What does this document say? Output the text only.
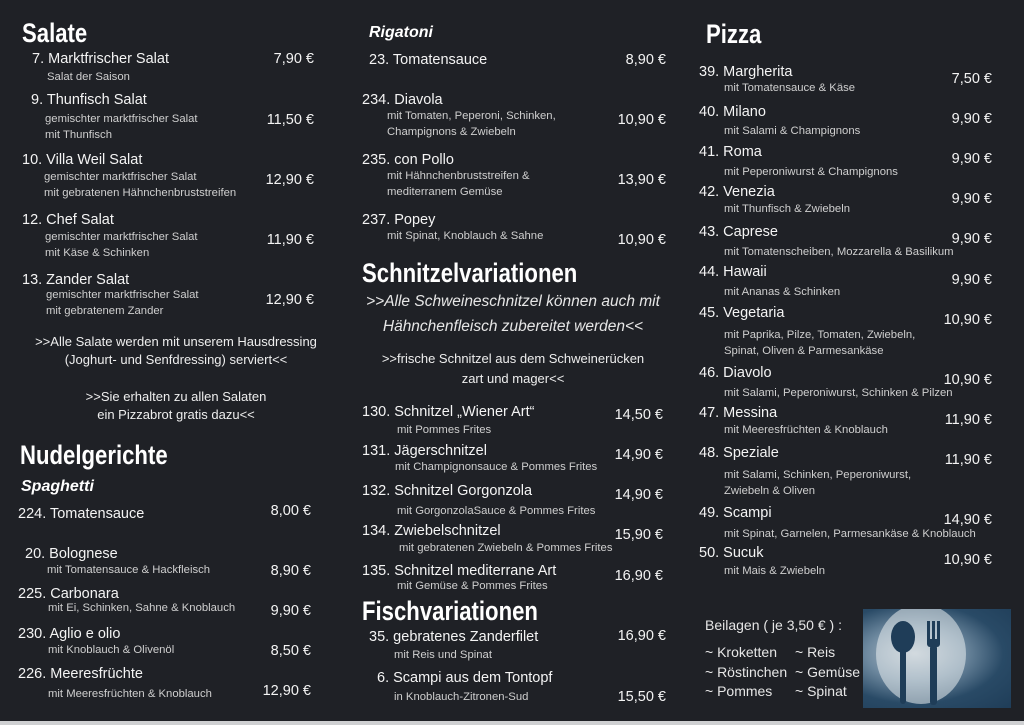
Salate
7. Marktfrischer Salat
Salat der Saison
7,90 €
9. Thunfisch Salat
gemischter marktfrischer Salat
mit Thunfisch
11,50 €
10. Villa Weil Salat
gemischter marktfrischer Salat
mit gebratenen Hähnchenbruststreifen
12,90 €
12. Chef Salat
gemischter marktfrischer Salat
mit Käse & Schinken
11,90 €
13. Zander Salat
gemischter marktfrischer Salat
mit gebratenem Zander
12,90 €
>>Alle Salate werden mit unserem Hausdressing
(Joghurt- und Senfdressing) serviert<<
>>Sie erhalten zu allen Salaten
ein Pizzabrot gratis dazu<<
Nudelgerichte
Spaghetti
224. Tomatensauce	8,00 €
20. Bolognese
mit Tomatensauce & Hackfleisch	8,90 €
225. Carbonara
mit Ei, Schinken, Sahne & Knoblauch	9,90 €
230. Aglio e olio
mit Knoblauch & Olivenöl	8,50 €
226. Meeresfrüchte
mit Meeresfrüchten & Knoblauch	12,90 €
Rigatoni
23. Tomatensauce	8,90 €
234. Diavola
mit Tomaten, Peperoni, Schinken,
Champignons & Zwiebeln
10,90 €
235. con Pollo
mit Hähnchenbruststreifen &
mediterranem Gemüse
13,90 €
237. Popey
mit Spinat, Knoblauch & Sahne	10,90 €
Schnitzelvariationen
>>Alle Schweineschnitzel können auch mit
Hähnchenfleisch zubereitet werden<<
>>frische Schnitzel aus dem Schweinerücken
zart und mager<<
130. Schnitzel „Wiener Art“
mit Pommes Frites
14,50 €
131. Jägerschnitzel
mit Champignonsauce & Pommes Frites
14,90 €
132. Schnitzel Gorgonzola
mit GorgonzolaSauce & Pommes Frites
14,90 €
134. Zwiebelschnitzel
mit gebratenen Zwiebeln & Pommes Frites
15,90 €
135. Schnitzel mediterrane Art
mit Gemüse & Pommes Frites
16,90 €
Fischvariationen
35. gebratenes Zanderfilet
mit Reis und Spinat
16,90 €
6. Scampi aus dem Tontopf
in Knoblauch-Zitronen-Sud	15,50 €
Pizza
39. Margherita
mit Tomatensauce & Käse
7,50 €
40. Milano
mit Salami & Champignons
9,90 €
41. Roma
mit Peperoniwurst & Champignons
9,90 €
42. Venezia
mit Thunfisch & Zwiebeln
9,90 €
43. Caprese
mit Tomatenscheiben, Mozzarella & Basilikum
9,90 €
44. Hawaii
mit Ananas & Schinken
9,90 €
45. Vegetaria
mit Paprika, Pilze, Tomaten, Zwiebeln,
Spinat, Oliven & Parmesankäse
10,90 €
46. Diavolo
mit Salami, Peperoniwurst, Schinken & Pilzen
10,90 €
47. Messina
mit Meeresfrüchten & Knoblauch
11,90 €
48. Speziale
mit Salami, Schinken, Peperoniwurst,
Zwiebeln & Oliven
11,90 €
49. Scampi
mit Spinat, Garnelen, Parmesankäse & Knoblauch
14,90 €
50. Sucuk
mit Mais & Zwiebeln
10,90 €
Beilagen ( je 3,50 € ) :
~ Kroketten ~ Reis
~ Röstinchen ~ Gemüse
~ Pommes ~ Spinat
